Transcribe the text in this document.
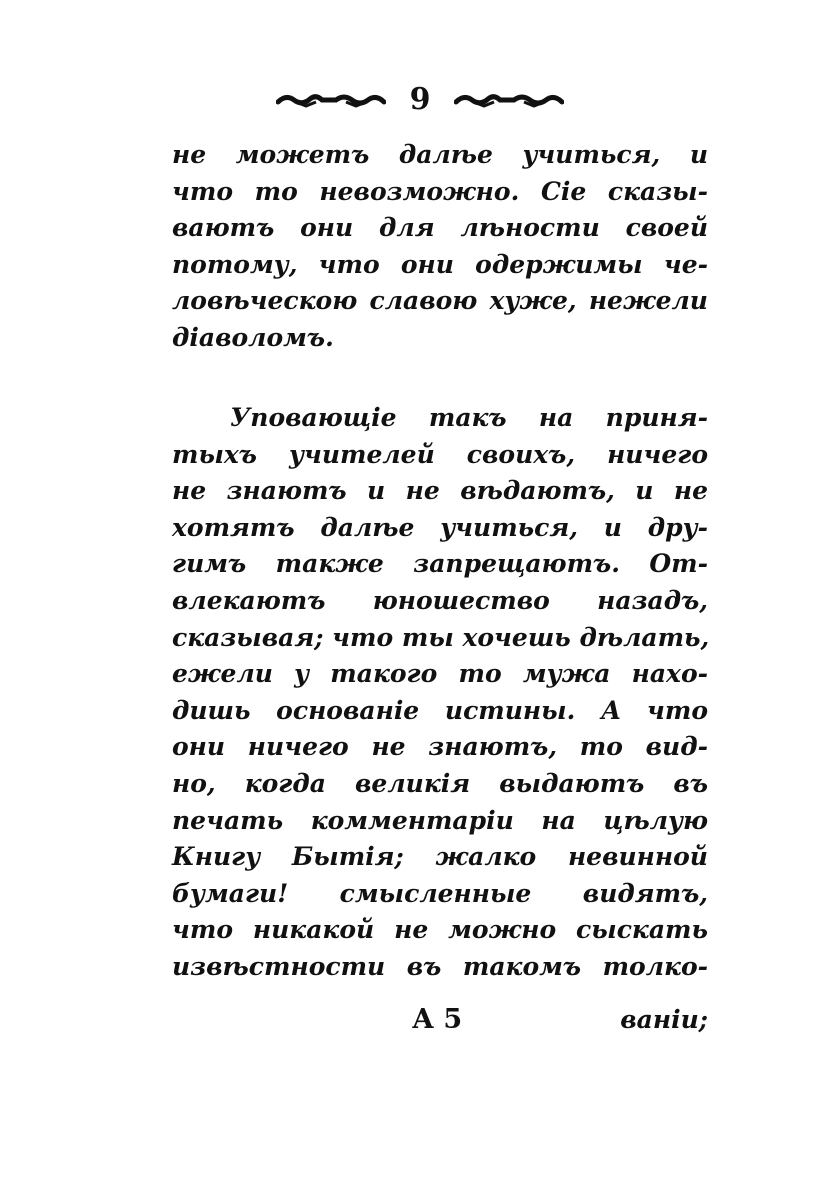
9
не можетъ далѣе учиться, и
что то невозможно. Сіе сказы-
ваютъ они для лѣности своей
потому, что они одержимы че-
ловѣческою славою хуже, нежели
діаволомъ.
Уповающіе такъ на приня-
тыхъ учителей своихъ, ничего
не знаютъ и не вѣдаютъ, и не
хотятъ далѣе учиться, и дру-
гимъ также запрещаютъ. От-
влекаютъ юношество назадъ,
сказывая; что ты хочешь дѣлать,
ежели у такого то мужа нахо-
дишь основаніе истины. А что
они ничего не знаютъ, то вид-
но, когда великія выдаютъ въ
печать комментаріи на цѣлую
Книгу Бытія; жалко невинной
бумаги! смысленные видятъ,
что никакой не можно сыскать
извѣстности въ такомъ толко-
А 5	ваніи;
